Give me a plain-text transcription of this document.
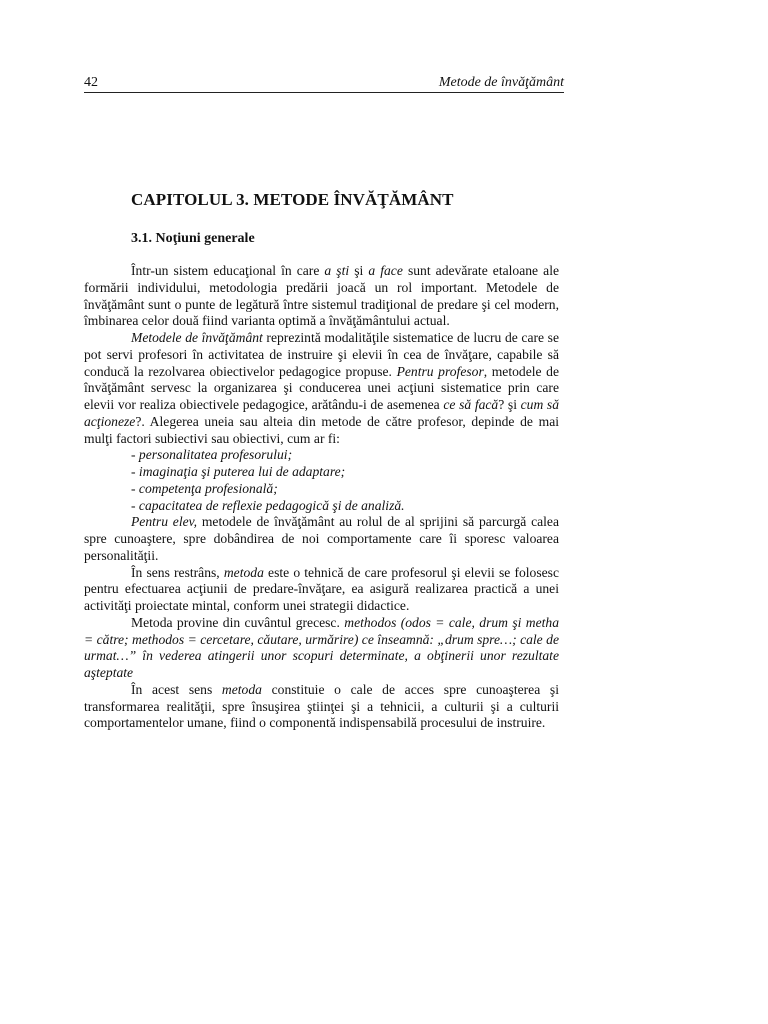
42	Metode de învăţământ
CAPITOLUL 3. METODE ÎNVĂŢĂMÂNT
3.1. Noţiuni generale

Într-un sistem educaţional în care a şti şi a face sunt adevărate etaloane ale formării individului, metodologia predării joacă un rol important. Metodele de învăţământ sunt o punte de legătură între sistemul tradiţional de predare şi cel modern, îmbinarea celor două fiind varianta optimă a învăţământului actual.

Metodele de învăţământ reprezintă modalităţile sistematice de lucru de care se pot servi profesori în activitatea de instruire şi elevii în cea de învăţare, capabile să conducă la rezolvarea obiectivelor pedagogice propuse. Pentru profesor, metodele de învăţământ servesc la organizarea şi conducerea unei acţiuni sistematice prin care elevii vor realiza obiectivele pedagogice, arătându-i de asemenea ce să facă? şi cum să acţioneze?. Alegerea uneia sau alteia din metode de către profesor, depinde de mai mulţi factori subiectivi sau obiectivi, cum ar fi:

- personalitatea profesorului;

- imaginaţia şi puterea lui de adaptare;

- competenţa profesională;

- capacitatea de reflexie pedagogică şi de analiză.

Pentru elev, metodele de învăţământ au rolul de al sprijini să parcurgă calea spre cunoaştere, spre dobândirea de noi comportamente care îi sporesc valoarea personalităţii.

În sens restrâns, metoda este o tehnică de care profesorul şi elevii se folosesc pentru efectuarea acţiunii de predare-învăţare, ea asigură realizarea practică a unei activităţi proiectate mintal, conform unei strategii didactice.

Metoda provine din cuvântul grecesc. methodos (odos = cale, drum şi metha = către; methodos = cercetare, căutare, urmărire) ce înseamnă: „drum spre…; cale de urmat…” în vederea atingerii unor scopuri determinate, a obţinerii unor rezultate aşteptate

În acest sens metoda constituie o cale de acces spre cunoaşterea şi transformarea realităţii, spre însuşirea ştiinţei şi a tehnicii, a culturii şi a culturii comportamentelor umane, fiind o componentă indispensabilă procesului de instruire.
